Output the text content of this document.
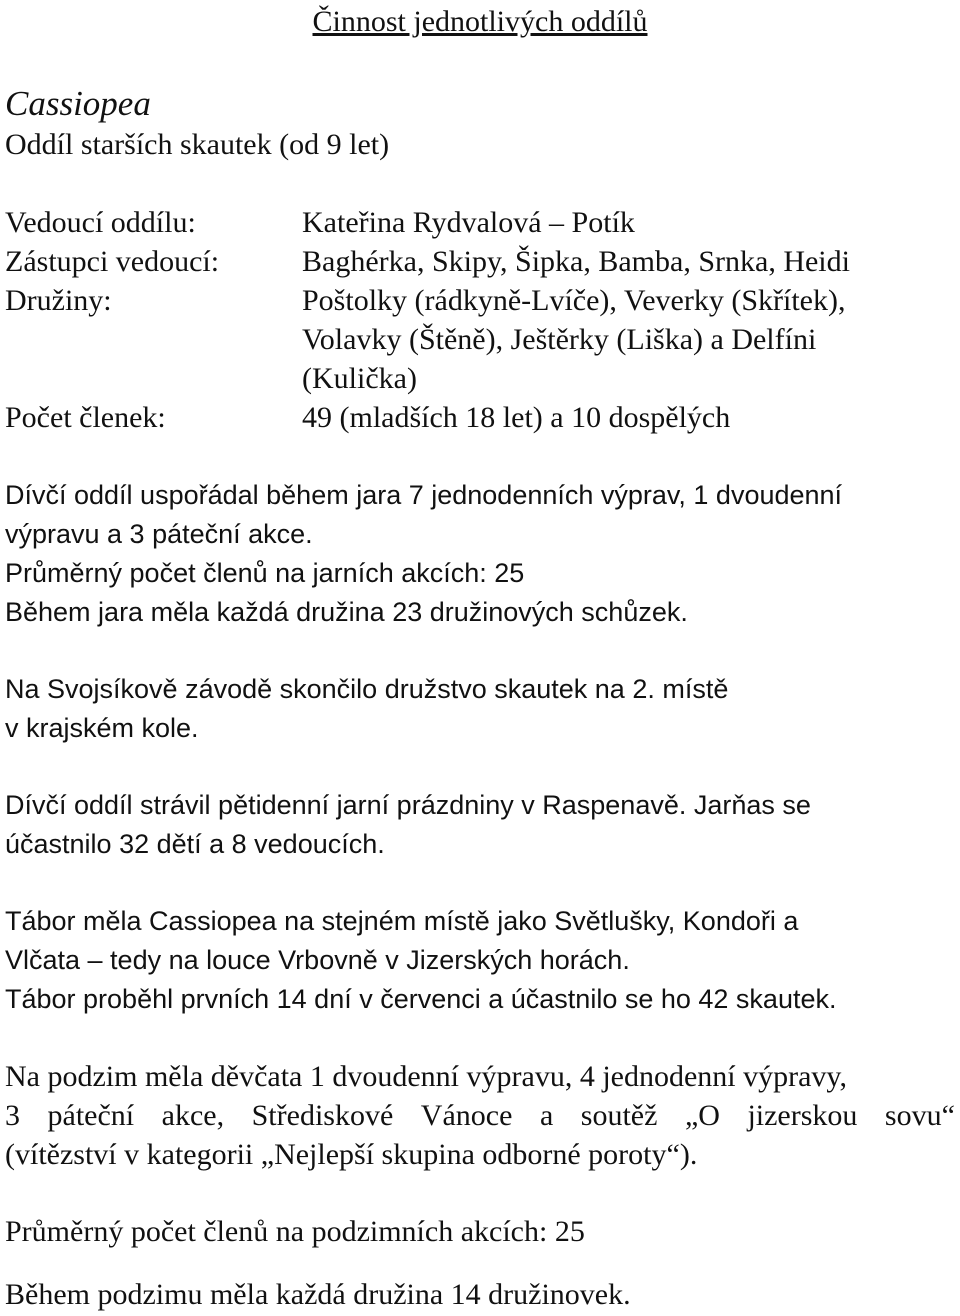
Činnost jednotlivých oddílů
Cassiopea
Oddíl starších skautek (od 9 let)
Vedoucí oddílu:	Kateřina Rydvalová – Potík
Zástupci vedoucí:	Baghérka, Skipy, Šipka, Bamba, Srnka, Heidi
Družiny:	Poštolky (rádkyně-Lvíče), Veverky (Skřítek),
Volavky (Štěně), Ještěrky (Liška) a Delfíni
(Kulička)
Počet členek:	49 (mladších 18 let) a 10 dospělých
Dívčí oddíl uspořádal během jara 7 jednodenních výprav, 1 dvoudenní
výpravu a 3 páteční akce.
Průměrný počet členů na jarních akcích: 25
Během jara měla každá družina 23 družinových schůzek.
Na Svojsíkově závodě skončilo družstvo skautek na 2. místě
v krajském kole.
Dívčí oddíl strávil pětidenní jarní prázdniny v Raspenavě. Jarňas se
účastnilo 32 dětí a 8 vedoucích.
Tábor měla Cassiopea na stejném místě jako Světlušky, Kondoři a
Vlčata – tedy na louce Vrbovně v Jizerských horách.
Tábor proběhl prvních 14 dní v červenci a účastnilo se ho 42 skautek.
Na podzim měla děvčata 1 dvoudenní výpravu, 4 jednodenní výpravy,
3 páteční akce, Střediskové Vánoce a soutěž „O jizerskou sovu“
(vítězství v kategorii „Nejlepší skupina odborné poroty“).
Průměrný počet členů na podzimních akcích: 25
Během podzimu měla každá družina 14 družinovek.
